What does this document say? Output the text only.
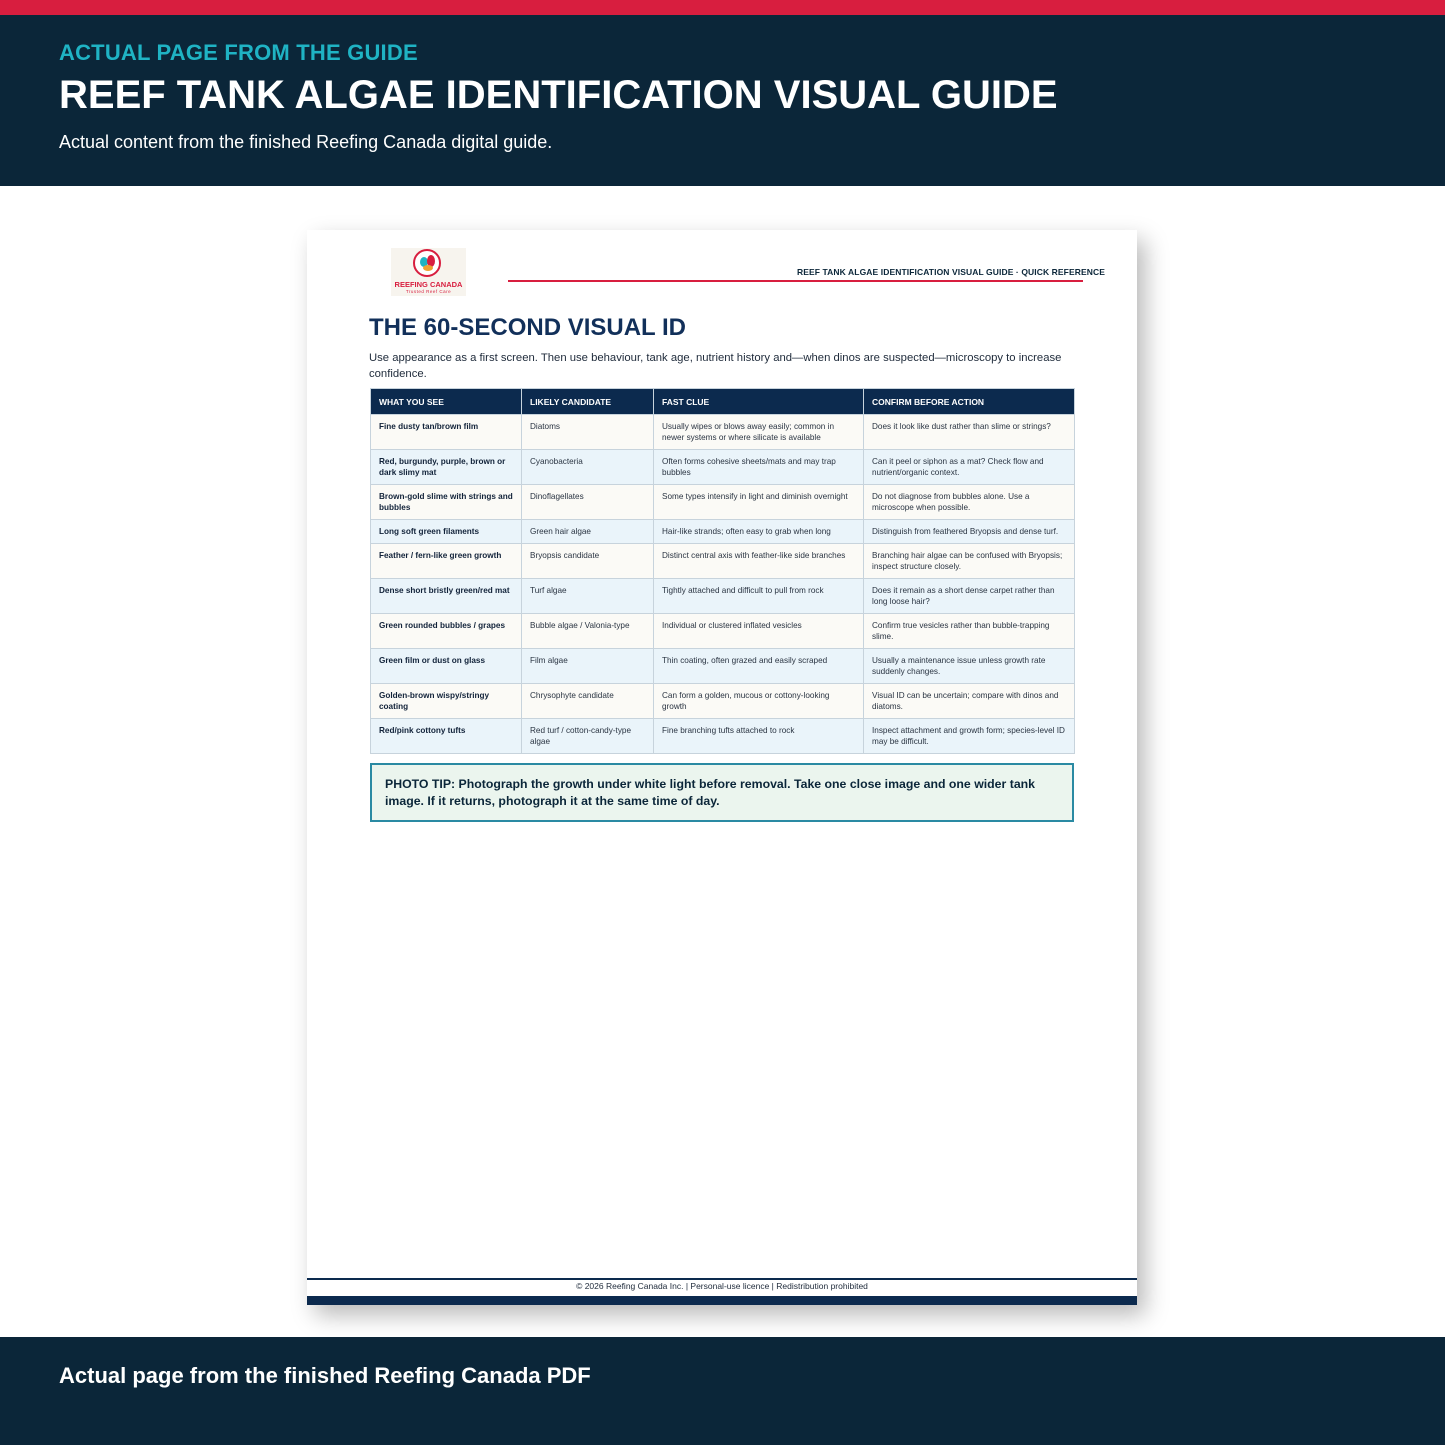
ACTUAL PAGE FROM THE GUIDE
REEF TANK ALGAE IDENTIFICATION VISUAL GUIDE
Actual content from the finished Reefing Canada digital guide.
REEFING CANADA
Trusted Reef Care
REEF TANK ALGAE IDENTIFICATION VISUAL GUIDE · QUICK REFERENCE
THE 60-SECOND VISUAL ID
Use appearance as a first screen. Then use behaviour, tank age, nutrient history and—when dinos are suspected—microscopy to increase confidence.
WHAT YOU SEE	LIKELY CANDIDATE	FAST CLUE	CONFIRM BEFORE ACTION
Fine dusty tan/brown film	Diatoms	Usually wipes or blows away easily; common in newer systems or where silicate is available	Does it look like dust rather than slime or strings?
Red, burgundy, purple, brown or dark slimy mat	Cyanobacteria	Often forms cohesive sheets/mats and may trap bubbles	Can it peel or siphon as a mat? Check flow and nutrient/organic context.
Brown-gold slime with strings and bubbles	Dinoflagellates	Some types intensify in light and diminish overnight	Do not diagnose from bubbles alone. Use a microscope when possible.
Long soft green filaments	Green hair algae	Hair-like strands; often easy to grab when long	Distinguish from feathered Bryopsis and dense turf.
Feather / fern-like green growth	Bryopsis candidate	Distinct central axis with feather-like side branches	Branching hair algae can be confused with Bryopsis; inspect structure closely.
Dense short bristly green/red mat	Turf algae	Tightly attached and difficult to pull from rock	Does it remain as a short dense carpet rather than long loose hair?
Green rounded bubbles / grapes	Bubble algae / Valonia-type	Individual or clustered inflated vesicles	Confirm true vesicles rather than bubble-trapping slime.
Green film or dust on glass	Film algae	Thin coating, often grazed and easily scraped	Usually a maintenance issue unless growth rate suddenly changes.
Golden-brown wispy/stringy coating	Chrysophyte candidate	Can form a golden, mucous or cottony-looking growth	Visual ID can be uncertain; compare with dinos and diatoms.
Red/pink cottony tufts	Red turf / cotton-candy-type algae	Fine branching tufts attached to rock	Inspect attachment and growth form; species-level ID may be difficult.
PHOTO TIP: Photograph the growth under white light before removal. Take one close image and one wider tank image. If it returns, photograph it at the same time of day.
© 2026 Reefing Canada Inc. | Personal-use licence | Redistribution prohibited
Actual page from the finished Reefing Canada PDF
